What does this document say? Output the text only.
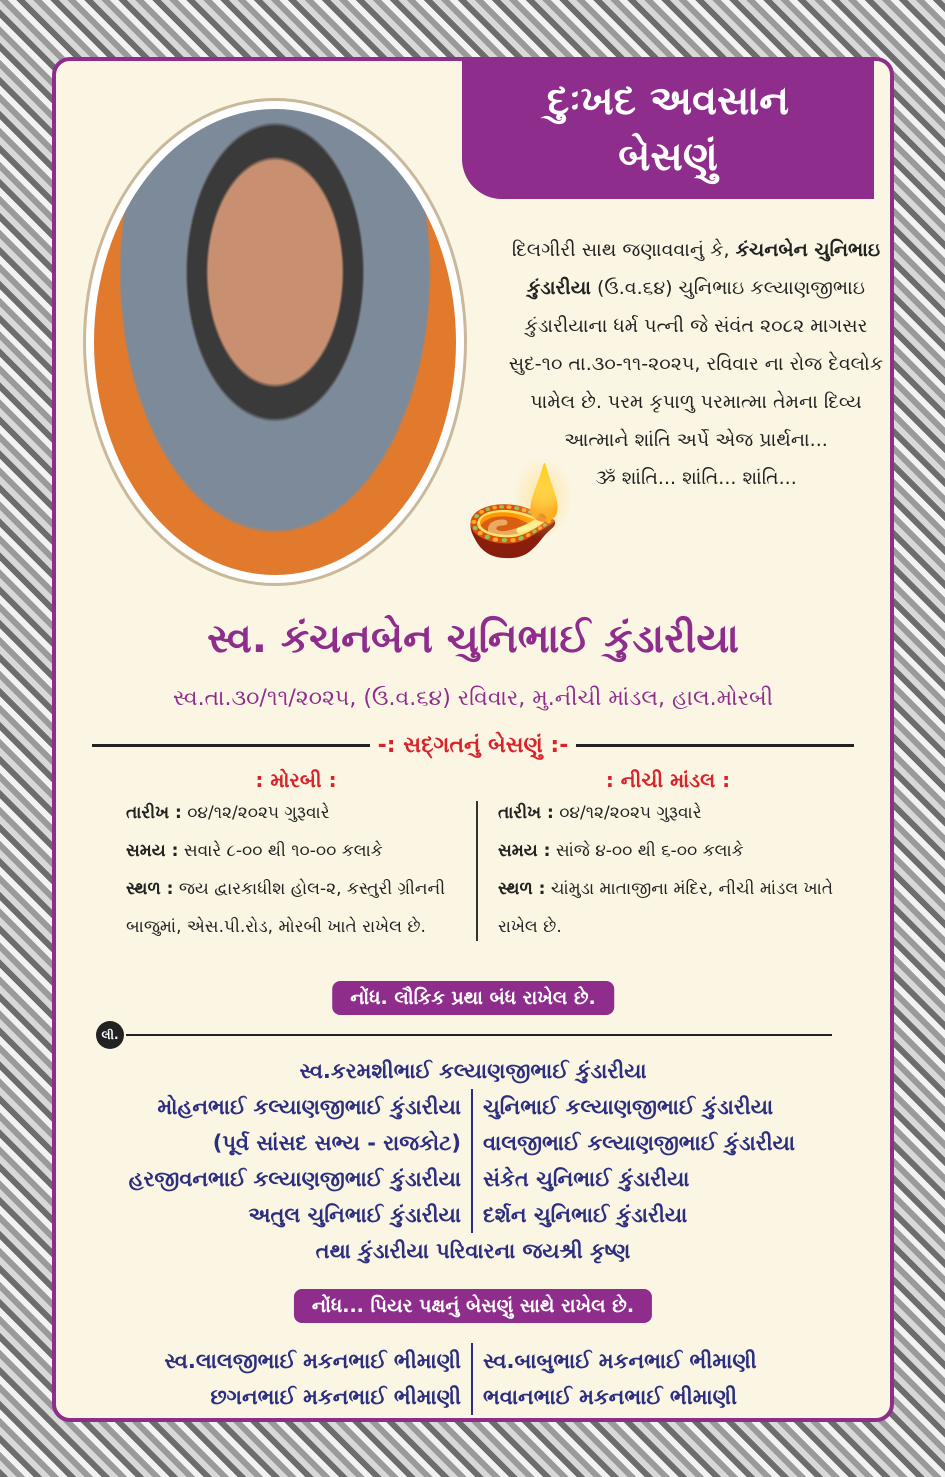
દુઃખદ અવસાન
બેસણું
દિલગીરી સાથ જણાવવાનું કે, કંચનબેન ચુનિભાઇ કુંડારીયા (ઉ.વ.૬૪) ચુનિભાઇ કલ્યાણજીભાઇ કુંડારીયાના ધર્મ પત્ની જે સંવંત ૨૦૮૨ માગસર સુદ-૧૦ તા.૩૦-૧૧-૨૦૨૫, રવિવાર ના રોજ દેવલોક પામેલ છે. પરમ કૃપાળુ પરમાત્મા તેમના દિવ્ય આત્માને શાંતિ અર્પે એજ પ્રાર્થના...
ૐ શાંતિ... શાંતિ... શાંતિ...
🪔
સ્વ. કંચનબેન ચુનિભાઈ કુંડારીયા
સ્વ.તા.૩૦/૧૧/૨૦૨૫, (ઉ.વ.૬૪) રવિવાર, મુ.નીચી માંડલ, હાલ.મોરબી
-: સદ્ગતનું બેસણું :-
: મોરબી :
તારીખ : ૦૪/૧૨/૨૦૨૫ ગુરૂવારે
સમય : સવારે ૮-૦૦ થી ૧૦-૦૦ કલાકે
સ્થળ : જય દ્વારકાધીશ હોલ-૨, કસ્તુરી ગ્રીનની બાજુમાં, એસ.પી.રોડ, મોરબી ખાતે રાખેલ છે.
: નીચી માંડલ :
તારીખ : ૦૪/૧૨/૨૦૨૫ ગુરૂવારે
સમય : સાંજે ૪-૦૦ થી ૬-૦૦ કલાકે
સ્થળ : ચાંમુડા માતાજીના મંદિર, નીચી માંડલ ખાતે રાખેલ છે.
નોંધ. લૌકિક પ્રથા બંધ રાખેલ છે.
લી.
સ્વ.કરમશીભાઈ કલ્યાણજીભાઈ કુંડારીયા
મોહનભાઈ કલ્યાણજીભાઈ કુંડારીયા	ચુનિભાઈ કલ્યાણજીભાઈ કુંડારીયા
(પૂર્વ સાંસદ સભ્ય - રાજકોટ)	વાલજીભાઈ કલ્યાણજીભાઈ કુંડારીયા
હરજીવનભાઈ કલ્યાણજીભાઈ કુંડારીયા	સંકેત ચુનિભાઈ કુંડારીયા
અતુલ ચુનિભાઈ કુંડારીયા	દર્શન ચુનિભાઈ કુંડારીયા
તથા કુંડારીયા પરિવારના જયશ્રી કૃષ્ણ
નોંધ... પિયર પક્ષનું બેસણું સાથે રાખેલ છે.
સ્વ.લાલજીભાઈ મકનભાઈ ભીમાણી	સ્વ.બાબુભાઈ મકનભાઈ ભીમાણી
છગનભાઈ મકનભાઈ ભીમાણી	ભવાનભાઈ મકનભાઈ ભીમાણી
